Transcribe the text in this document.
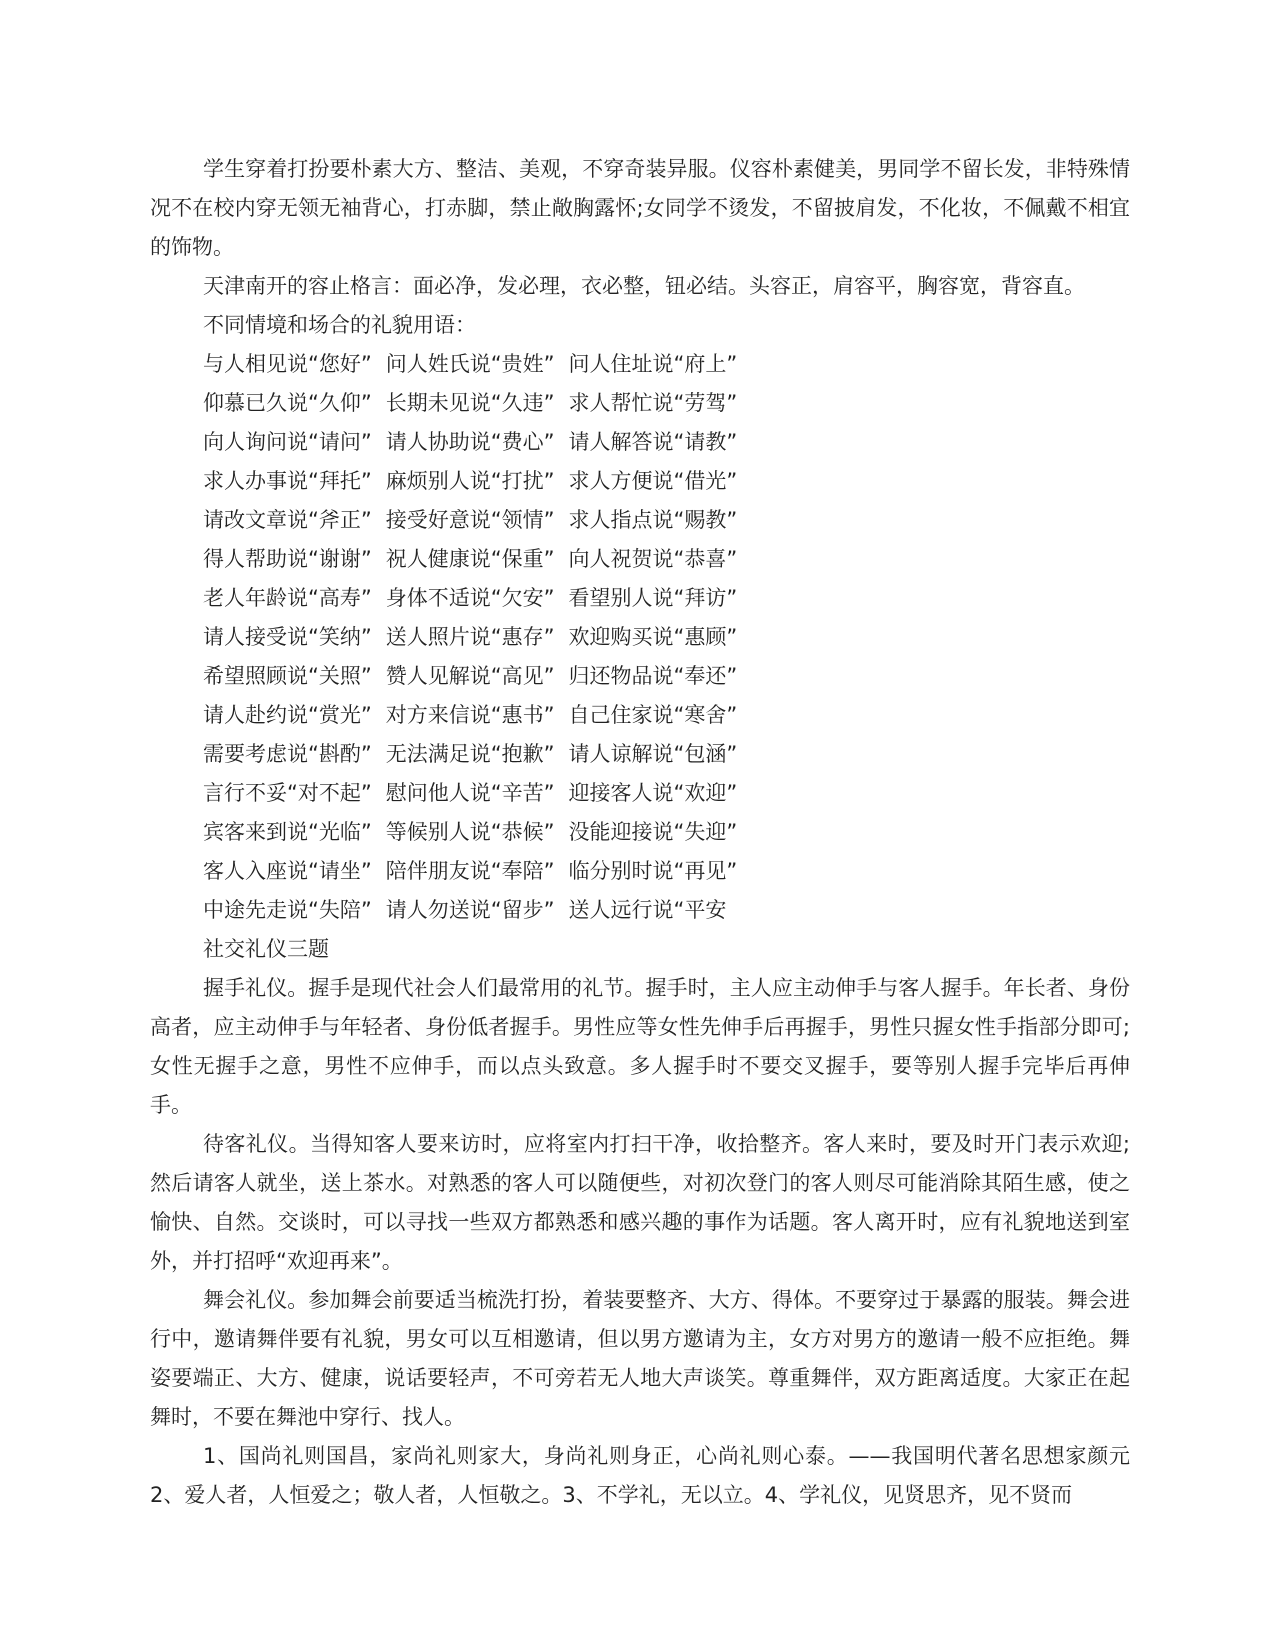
学生穿着打扮要朴素大方、整洁、美观，不穿奇装异服。仪容朴素健美，男同学不留长发，非特殊情况不在校内穿无领无袖背心，打赤脚，禁止敞胸露怀;女同学不烫发，不留披肩发，不化妆，不佩戴不相宜的饰物。

天津南开的容止格言：面必净，发必理，衣必整，钮必结。头容正，肩容平，胸容宽，背容直。

不同情境和场合的礼貌用语：

与人相见说“您好” 问人姓氏说“贵姓” 问人住址说“府上”

仰慕已久说“久仰” 长期未见说“久违” 求人帮忙说“劳驾”

向人询问说“请问” 请人协助说“费心” 请人解答说“请教”

求人办事说“拜托” 麻烦别人说“打扰” 求人方便说“借光”

请改文章说“斧正” 接受好意说“领情” 求人指点说“赐教”

得人帮助说“谢谢” 祝人健康说“保重” 向人祝贺说“恭喜”

老人年龄说“高寿” 身体不适说“欠安” 看望别人说“拜访”

请人接受说“笑纳” 送人照片说“惠存” 欢迎购买说“惠顾”

希望照顾说“关照” 赞人见解说“高见” 归还物品说“奉还”

请人赴约说“赏光” 对方来信说“惠书” 自己住家说“寒舍”

需要考虑说“斟酌” 无法满足说“抱歉” 请人谅解说“包涵”

言行不妥“对不起” 慰问他人说“辛苦” 迎接客人说“欢迎”

宾客来到说“光临” 等候别人说“恭候” 没能迎接说“失迎”

客人入座说“请坐” 陪伴朋友说“奉陪” 临分别时说“再见”

中途先走说“失陪” 请人勿送说“留步” 送人远行说“平安

社交礼仪三题

握手礼仪。握手是现代社会人们最常用的礼节。握手时，主人应主动伸手与客人握手。年长者、身份高者，应主动伸手与年轻者、身份低者握手。男性应等女性先伸手后再握手，男性只握女性手指部分即可;女性无握手之意，男性不应伸手，而以点头致意。多人握手时不要交叉握手，要等别人握手完毕后再伸手。

待客礼仪。当得知客人要来访时，应将室内打扫干净，收拾整齐。客人来时，要及时开门表示欢迎;然后请客人就坐，送上茶水。对熟悉的客人可以随便些，对初次登门的客人则尽可能消除其陌生感，使之愉快、自然。交谈时，可以寻找一些双方都熟悉和感兴趣的事作为话题。客人离开时，应有礼貌地送到室外，并打招呼“欢迎再来”。

舞会礼仪。参加舞会前要适当梳洗打扮，着装要整齐、大方、得体。不要穿过于暴露的服装。舞会进行中，邀请舞伴要有礼貌，男女可以互相邀请，但以男方邀请为主，女方对男方的邀请一般不应拒绝。舞姿要端正、大方、健康，说话要轻声，不可旁若无人地大声谈笑。尊重舞伴，双方距离适度。大家正在起舞时，不要在舞池中穿行、找人。

1、国尚礼则国昌，家尚礼则家大，身尚礼则身正，心尚礼则心泰。——我国明代著名思想家颜元2、爱人者，人恒爱之；敬人者，人恒敬之。3、不学礼，无以立。4、学礼仪，见贤思齐，见不贤而
